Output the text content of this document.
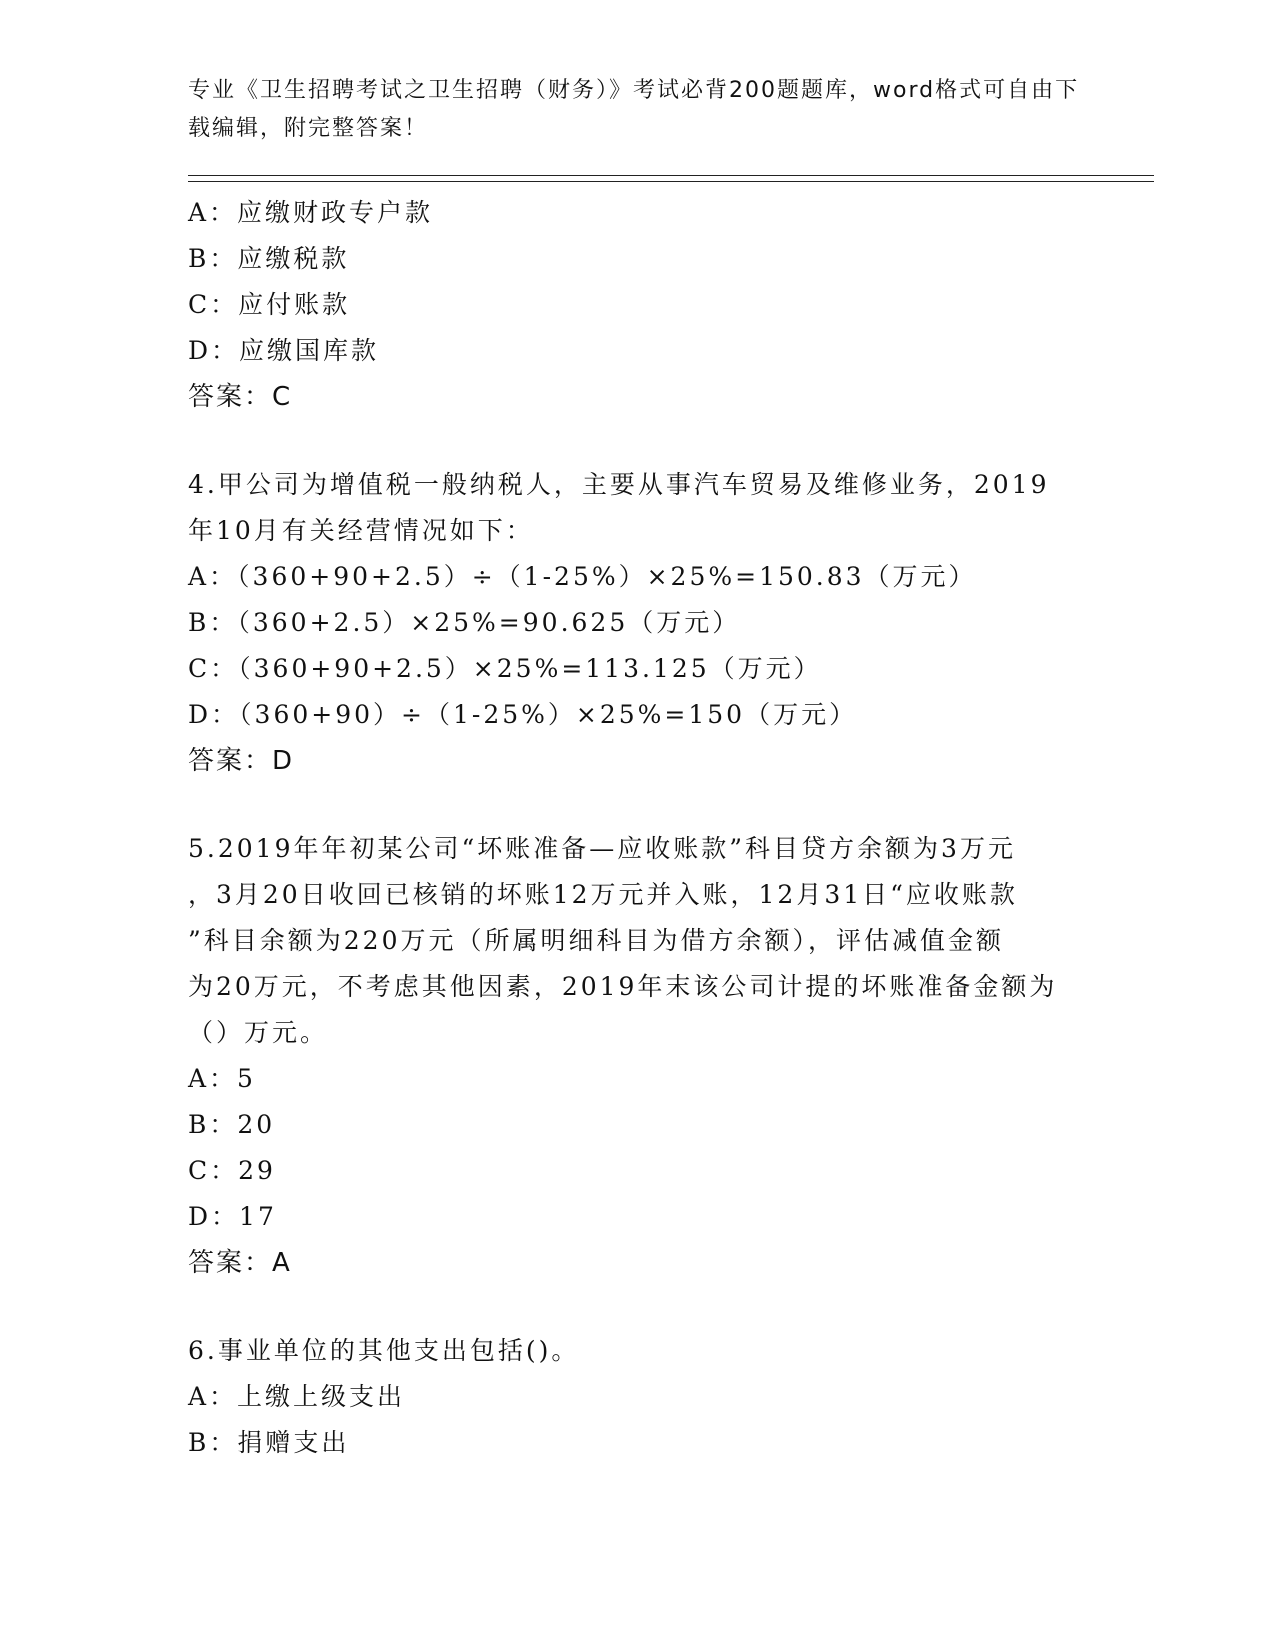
专业《卫生招聘考试之卫生招聘（财务）》考试必背200题题库，word格式可自由下载编辑，附完整答案！
A：应缴财政专户款
B：应缴税款
C：应付账款
D：应缴国库款
答案：C
4.甲公司为增值税一般纳税人，主要从事汽车贸易及维修业务，2019
年10月有关经营情况如下：
A：（360+90+2.5）÷（1-25%）×25%=150.83（万元）
B：（360+2.5）×25%=90.625（万元）
C：（360+90+2.5）×25%=113.125（万元）
D：（360+90）÷（1-25%）×25%=150（万元）
答案：D
5.2019年年初某公司“坏账准备—应收账款”科目贷方余额为3万元
，3月20日收回已核销的坏账12万元并入账，12月31日“应收账款
”科目余额为220万元（所属明细科目为借方余额），评估减值金额
为20万元，不考虑其他因素，2019年末该公司计提的坏账准备金额为
（）万元。
A：5
B：20
C：29
D：17
答案：A
6.事业单位的其他支出包括()。
A：上缴上级支出
B：捐赠支出
